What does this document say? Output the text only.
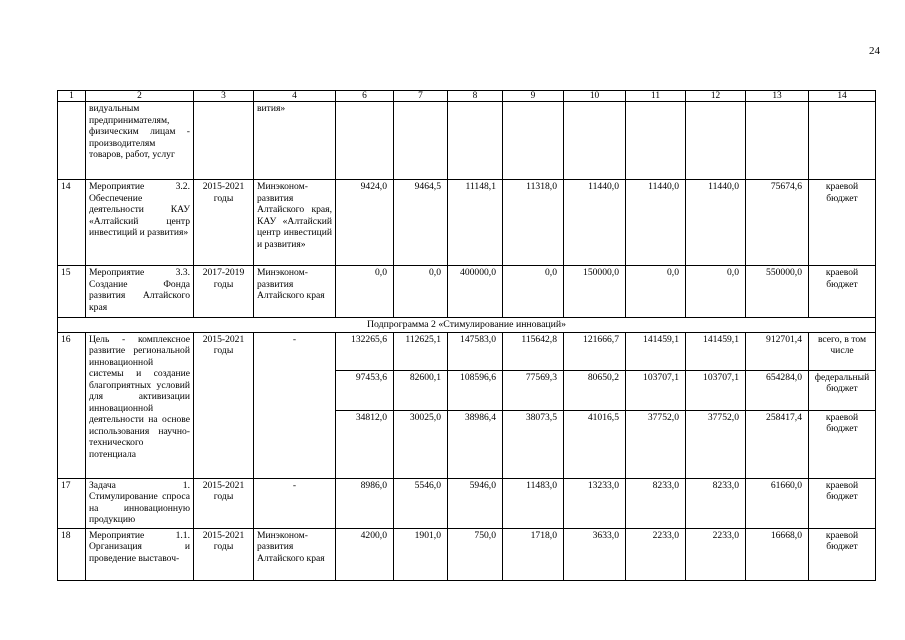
24
1	2	3	4	6	7	8	9	10	11	12	13	14
	видуальным предпринимателям, физическим лицам - производителям товаров, работ, услуг		вития»									
14	Мероприятие 3.2. Обеспечение деятельности КАУ «Алтайский центр инвестиций и развития»	2015-2021 годы	Минэконом-развития Алтайского края, КАУ «Алтайский центр инвестиций и развития»	9424,0	9464,5	11148,1	11318,0	11440,0	11440,0	11440,0	75674,6	краевой бюджет
15	Мероприятие 3.3. Создание Фонда развития Алтайского края	2017-2019 годы	Минэконом-развития Алтайского края	0,0	0,0	400000,0	0,0	150000,0	0,0	0,0	550000,0	краевой бюджет
Подпрограмма 2 «Стимулирование инноваций»												
16	Цель - комплексное развитие региональной инновационной системы и создание благоприятных условий для активизации инновационной деятельности на основе использования научно-технического потенциала	2015-2021 годы	-	132265,6	112625,1	147583,0	115642,8	121666,7	141459,1	141459,1	912701,4	всего, в том числе
				97453,6	82600,1	108596,6	77569,3	80650,2	103707,1	103707,1	654284,0	федеральный бюджет
				34812,0	30025,0	38986,4	38073,5	41016,5	37752,0	37752,0	258417,4	краевой бюджет
17	Задача 1. Стимулирование спроса на инновационную продукцию	2015-2021 годы	-	8986,0	5546,0	5946,0	11483,0	13233,0	8233,0	8233,0	61660,0	краевой бюджет
18	Мероприятие 1.1. Организация и проведение выставоч-	2015-2021 годы	Минэконом-развития Алтайского края	4200,0	1901,0	750,0	1718,0	3633,0	2233,0	2233,0	16668,0	краевой бюджет
